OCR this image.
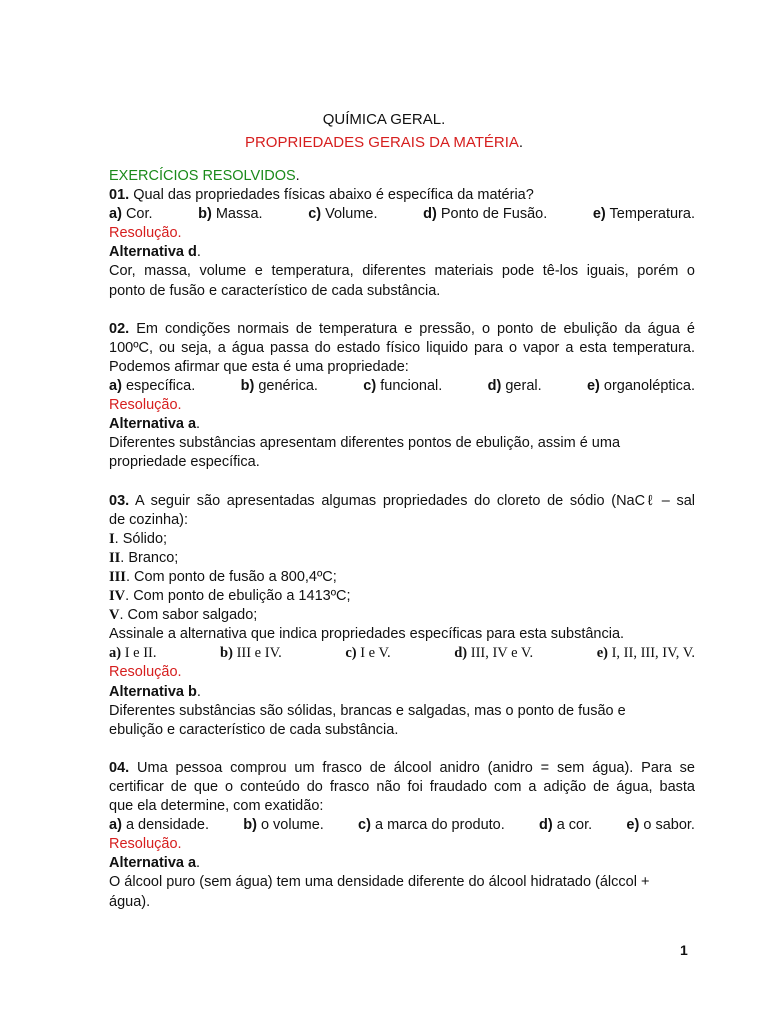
QUÍMICA GERAL.
PROPRIEDADES GERAIS DA MATÉRIA.
EXERCÍCIOS RESOLVIDOS.
01. Qual das propriedades físicas abaixo é específica da matéria?
a) Cor.	b) Massa.	c) Volume.	d) Ponto de Fusão.	e) Temperatura.
Resolução.
Alternativa d.
Cor, massa, volume e temperatura, diferentes materiais pode tê-los iguais, porém o
ponto de fusão e característico de cada substância.
02. Em condições normais de temperatura e pressão, o ponto de ebulição da água é
100ºC, ou seja, a água passa do estado físico liquido para o vapor a esta temperatura.
Podemos afirmar que esta é uma propriedade:
a) específica.	b) genérica.	c) funcional.	d) geral.	e) organoléptica.
Resolução.
Alternativa a.
Diferentes substâncias apresentam diferentes pontos de ebulição, assim é uma
propriedade específica.
03. A seguir são apresentadas algumas propriedades do cloreto de sódio (NaCℓ – sal
de cozinha):
I. Sólido;
II. Branco;
III. Com ponto de fusão a 800,4ºC;
IV. Com ponto de ebulição a 1413ºC;
V. Com sabor salgado;
Assinale a alternativa que indica propriedades específicas para esta substância.
a) I e II.	b) III e IV.	c) I e V.	d) III, IV e V.	e) I, II, III, IV, V.
Resolução.
Alternativa b.
Diferentes substâncias são sólidas, brancas e salgadas, mas o ponto de fusão e
ebulição e característico de cada substância.
04. Uma pessoa comprou um frasco de álcool anidro (anidro = sem água). Para se
certificar de que o conteúdo do frasco não foi fraudado com a adição de água, basta
que ela determine, com exatidão:
a) a densidade. b) o volume. c) a marca do produto. d) a cor. e) o sabor.
Resolução.
Alternativa a.
O álcool puro (sem água) tem uma densidade diferente do álcool hidratado (álccol +
água).
1
